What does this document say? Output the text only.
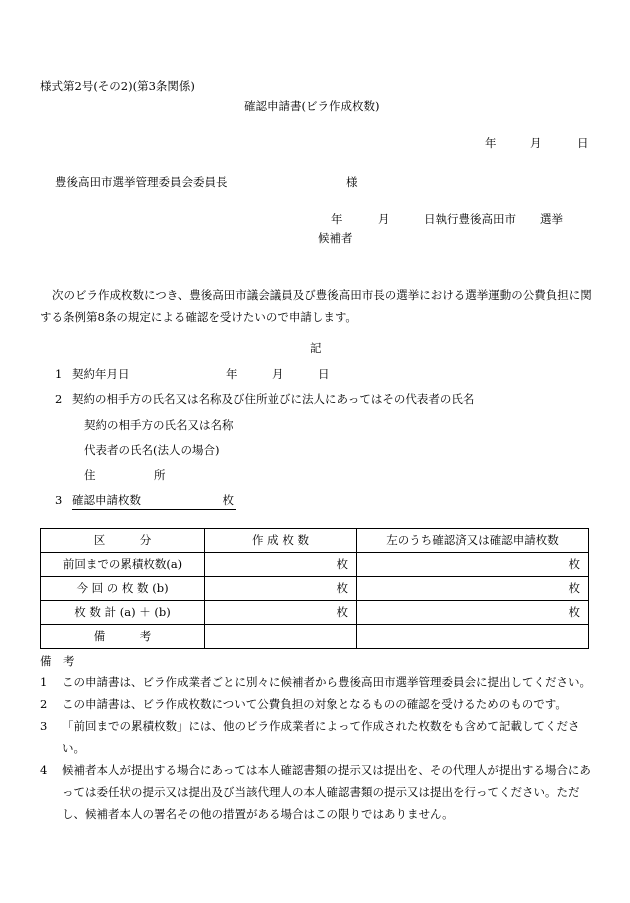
様式第2号(その2)(第3条関係)
確認申請書(ビラ作成枚数)
年	月	日
豊後高田市選挙管理委員会委員長	様
年	月	日執行豊後高田市 選挙
候補者
次のビラ作成枚数につき、豊後高田市議会議員及び豊後高田市長の選挙における選挙運動の公費負担に関する条例第8条の規定による確認を受けたいので申請します。
記
1 契約年月日	年	月	日
2 契約の相手方の氏名又は名称及び住所並びに法人にあってはその代表者の氏名
契約の相手方の氏名又は名称
代表者の氏名(法人の場合)
住	所
3 確認申請枚数	枚
区　　　分	作 成 枚 数	左のうち確認済又は確認申請枚数
前回までの累積枚数(a)	枚	枚
今 回 の 枚 数 (b)	枚	枚
枚 数 計 (a) ＋ (b)	枚	枚
備　　　考		
備　考
1 この申請書は、ビラ作成業者ごとに別々に候補者から豊後高田市選挙管理委員会に提出してください。
2 この申請書は、ビラ作成枚数について公費負担の対象となるものの確認を受けるためのものです。
3 「前回までの累積枚数」には、他のビラ作成業者によって作成された枚数をも含めて記載してください。
4 候補者本人が提出する場合にあっては本人確認書類の提示又は提出を、その代理人が提出する場合にあっては委任状の提示又は提出及び当該代理人の本人確認書類の提示又は提出を行ってください。ただし、候補者本人の署名その他の措置がある場合はこの限りではありません。
